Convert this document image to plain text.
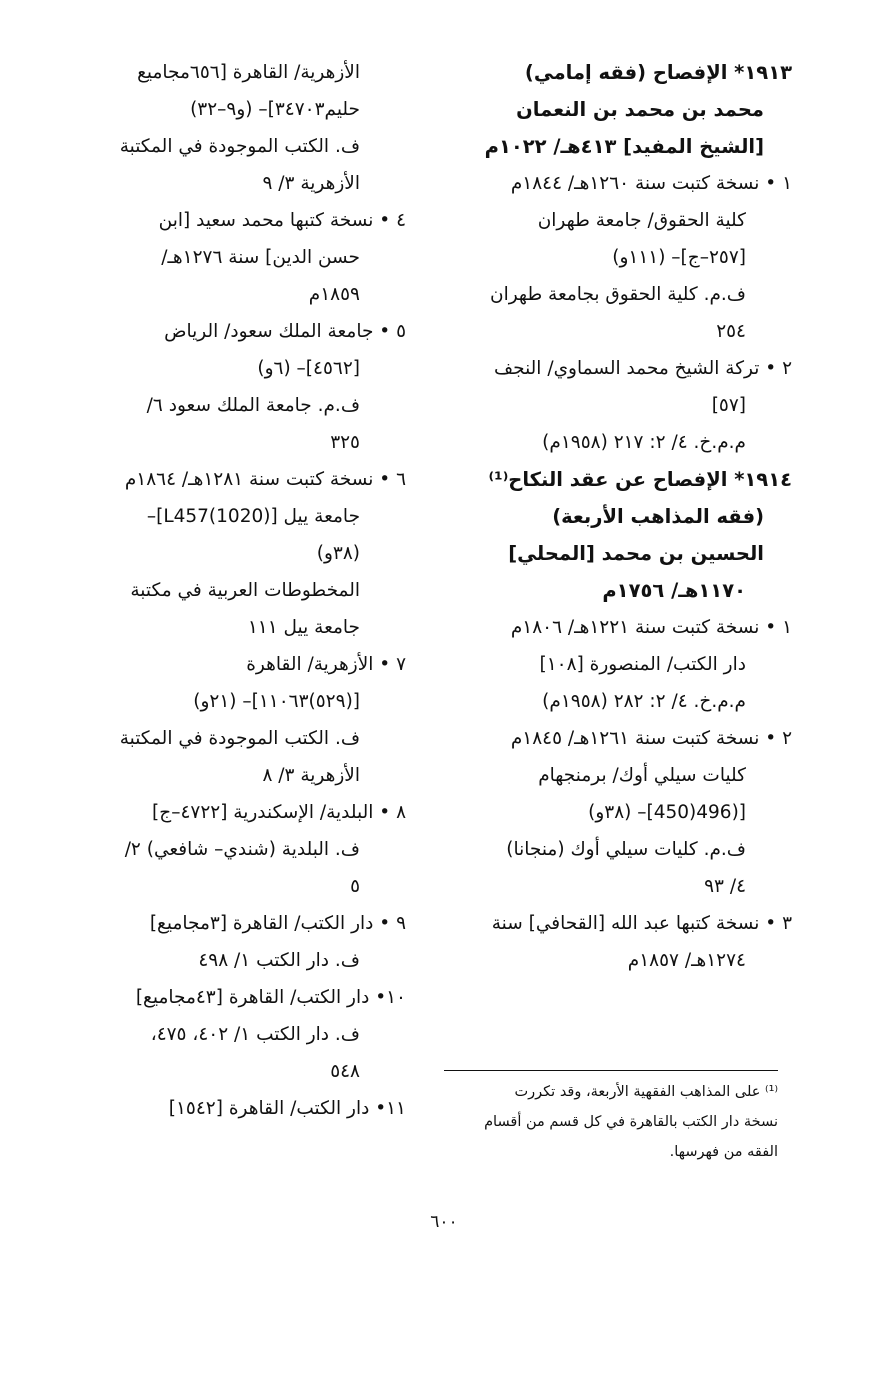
١٩١٣* الإفصاح (فقه إمامي)
محمد بن محمد بن النعمان
[الشيخ المفيد] ٤١٣هـ/ ١٠٢٢م
١ • نسخة كتبت سنة ١٢٦٠هـ/ ١٨٤٤م
كلية الحقوق/ جامعة طهران
[٢٥٧–ج]– (١١١و)
ف.م. كلية الحقوق بجامعة طهران
٢٥٤
٢ • تركة الشيخ محمد السماوي/ النجف
[٥٧]
م.م.خ. ٤/ ٢: ٢١٧ (١٩٥٨م)
١٩١٤* الإفصاح عن عقد النكاح⁽¹⁾
(فقه المذاهب الأربعة)
الحسين بن محمد [المحلي]
١١٧٠هـ/ ١٧٥٦م
١ • نسخة كتبت سنة ١٢٢١هـ/ ١٨٠٦م
دار الكتب/ المنصورة [١٠٨]
م.م.خ. ٤/ ٢: ٢٨٢ (١٩٥٨م)
٢ • نسخة كتبت سنة ١٢٦١هـ/ ١٨٤٥م
كليات سيلي أوك/ برمنجهام
[(496(450]– (٣٨و)
ف.م. كليات سيلي أوك (منجانا)
٤/ ٩٣
٣ • نسخة كتبها عبد الله [القحافي] سنة
١٢٧٤هـ/ ١٨٥٧م
الأزهرية/ القاهرة [٦٥٦مجاميع
حليم٣٤٧٠٣]– (و٩–٣٢)
ف. الكتب الموجودة في المكتبة
الأزهرية ٣/ ٩
٤ • نسخة كتبها محمد سعيد [ابن
حسن الدين] سنة ١٢٧٦هـ/
١٨٥٩م
٥ • جامعة الملك سعود/ الرياض
[٤٥٦٢]– (٦و)
ف.م. جامعة الملك سعود ٦/
٣٢٥
٦ • نسخة كتبت سنة ١٢٨١هـ/ ١٨٦٤م
جامعة ييل [L457(1020)]–
(٣٨و)
المخطوطات العربية في مكتبة
جامعة ييل ١١١
٧ • الأزهرية/ القاهرة
[(٥٢٩)١١٠٦٣]– (٢١و)
ف. الكتب الموجودة في المكتبة
الأزهرية ٣/ ٨
٨ • البلدية/ الإسكندرية [٤٧٢٢–ج]
ف. البلدية (شندي– شافعي) ٢/
٥
٩ • دار الكتب/ القاهرة [٣مجاميع]
ف. دار الكتب ١/ ٤٩٨
١٠• دار الكتب/ القاهرة [٤٣مجاميع]
ف. دار الكتب ١/ ٤٠٢، ٤٧٥،
٥٤٨
١١• دار الكتب/ القاهرة [١٥٤٢]
⁽¹⁾ على المذاهب الفقهية الأربعة، وقد تكررت
نسخة دار الكتب بالقاهرة في كل قسم من أقسام
الفقه من فهرسها.
٦٠٠
